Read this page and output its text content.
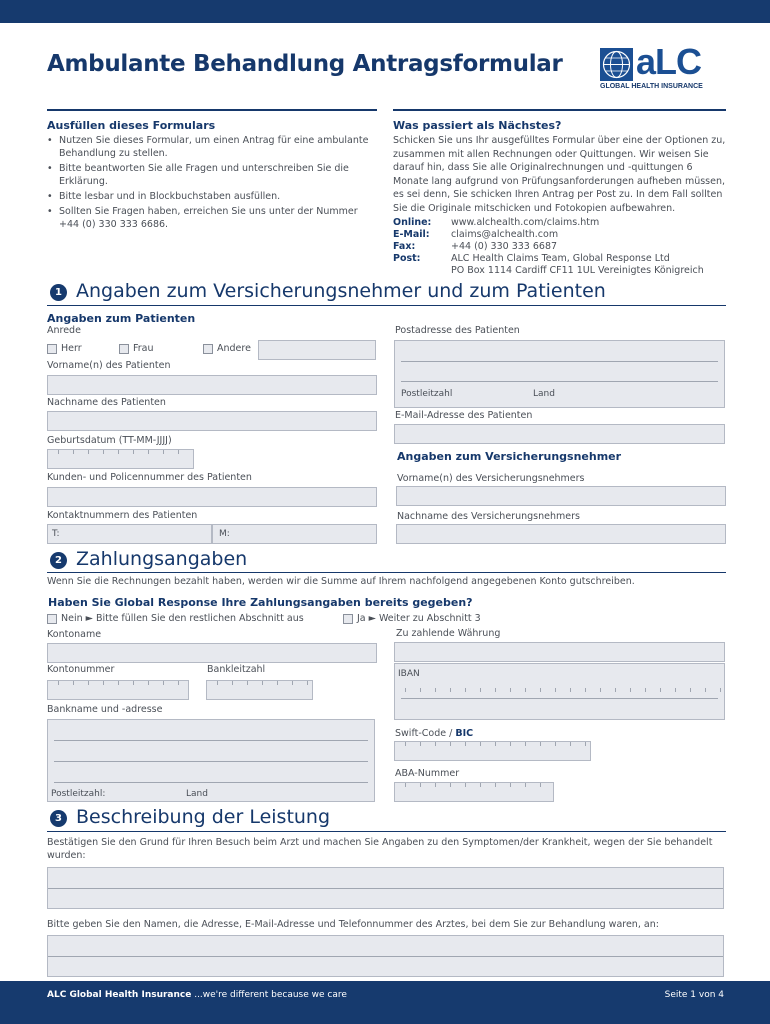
Ambulante Behandlung Antragsformular aLC
GLOBAL HEALTH INSURANCE
Ausfüllen dieses Formulars
• Nutzen Sie dieses Formular, um einen Antrag für eine ambulante Behandlung zu stellen.
• Bitte beantworten Sie alle Fragen und unterschreiben Sie die Erklärung.
• Bitte lesbar und in Blockbuchstaben ausfüllen.
• Sollten Sie Fragen haben, erreichen Sie uns unter der Nummer +44 (0) 330 333 6686.
Was passiert als Nächstes?
Schicken Sie uns Ihr ausgefülltes Formular über eine der Optionen zu, zusammen mit allen Rechnungen oder Quittungen. Wir weisen Sie darauf hin, dass Sie alle Originalrechnungen und -quittungen 6 Monate lang aufgrund von Prüfungsanforderungen aufheben müssen, es sei denn, Sie schicken Ihren Antrag per Post zu. In dem Fall sollten Sie die Originale mitschicken und Fotokopien aufbewahren.
Online:	www.alchealth.com/claims.htm
E-Mail:	claims@alchealth.com
Fax:	+44 (0) 330 333 6687
Post:	ALC Health Claims Team, Global Response Ltd
PO Box 1114 Cardiff CF11 1UL Vereinigtes Königreich
1 Angaben zum Versicherungsnehmer und zum Patienten
Angaben zum Patienten
Anrede
Herr	Frau	Andere
Vorname(n) des Patienten
Nachname des Patienten
Geburtsdatum (TT-MM-JJJJ)
Kunden- und Policennummer des Patienten
Kontaktnummern des Patienten
T:	M:
Postadresse des Patienten
Postleitzahl	Land
E-Mail-Adresse des Patienten
Angaben zum Versicherungsnehmer
Vorname(n) des Versicherungsnehmers
Nachname des Versicherungsnehmers
2 Zahlungsangaben
Wenn Sie die Rechnungen bezahlt haben, werden wir die Summe auf Ihrem nachfolgend angegebenen Konto gutschreiben.
Haben Sie Global Response Ihre Zahlungsangaben bereits gegeben?
Nein ► Bitte füllen Sie den restlichen Abschnitt aus	Ja ► Weiter zu Abschnitt 3
Kontoname
Kontonummer	Bankleitzahl
Bankname und -adresse
Postleitzahl:	Land
Zu zahlende Währung
IBAN
Swift-Code / BIC
ABA-Nummer
3 Beschreibung der Leistung
Bestätigen Sie den Grund für Ihren Besuch beim Arzt und machen Sie Angaben zu den Symptomen/der Krankheit, wegen der Sie behandelt wurden:
Bitte geben Sie den Namen, die Adresse, E-Mail-Adresse und Telefonnummer des Arztes, bei dem Sie zur Behandlung waren, an:
ALC Global Health Insurance ...we're different because we care	Seite 1 von 4
